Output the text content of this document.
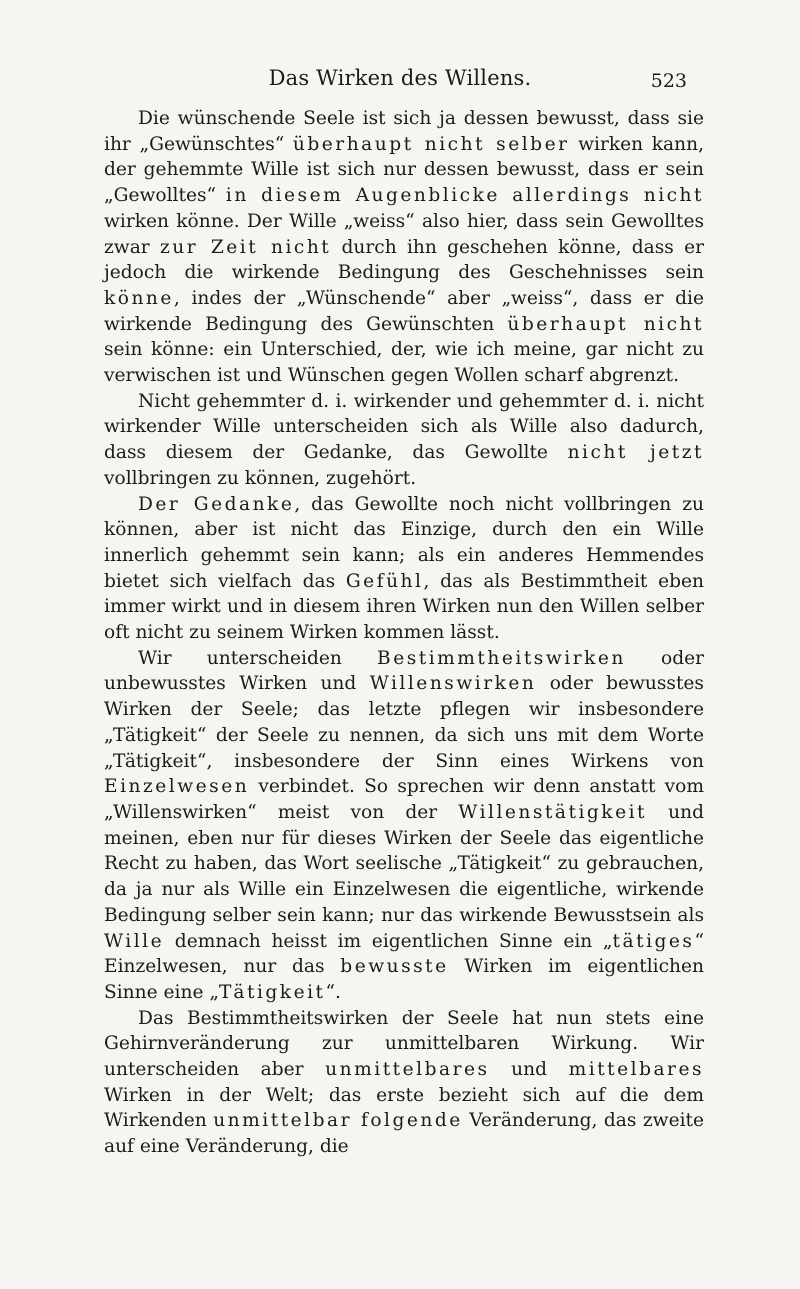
Das Wirken des Willens.	523

Die wünschende Seele ist sich ja dessen bewusst, dass sie ihr „Gewünschtes“ überhaupt nicht selber wirken kann, der gehemmte Wille ist sich nur dessen bewusst, dass er sein „Gewolltes“ in diesem Augenblicke allerdings nicht wirken könne. Der Wille „weiss“ also hier, dass sein Gewolltes zwar zur Zeit nicht durch ihn geschehen könne, dass er jedoch die wirkende Bedingung des Geschehnisses sein könne, indes der „Wünschende“ aber „weiss“, dass er die wirkende Bedingung des Gewünschten überhaupt nicht sein könne: ein Unterschied, der, wie ich meine, gar nicht zu verwischen ist und Wünschen gegen Wollen scharf abgrenzt.

Nicht gehemmter d. i. wirkender und gehemmter d. i. nicht wirkender Wille unterscheiden sich als Wille also dadurch, dass diesem der Gedanke, das Gewollte nicht jetzt vollbringen zu können, zugehört.

Der Gedanke, das Gewollte noch nicht vollbringen zu können, aber ist nicht das Einzige, durch den ein Wille innerlich gehemmt sein kann; als ein anderes Hemmendes bietet sich vielfach das Gefühl, das als Bestimmtheit eben immer wirkt und in diesem ihren Wirken nun den Willen selber oft nicht zu seinem Wirken kommen lässt.

Wir unterscheiden Bestimmtheitswirken oder unbewusstes Wirken und Willenswirken oder bewusstes Wirken der Seele; das letzte pflegen wir insbesondere „Tätigkeit“ der Seele zu nennen, da sich uns mit dem Worte „Tätigkeit“, insbesondere der Sinn eines Wirkens von Einzelwesen verbindet. So sprechen wir denn anstatt vom „Willenswirken“ meist von der Willenstätigkeit und meinen, eben nur für dieses Wirken der Seele das eigentliche Recht zu haben, das Wort seelische „Tätigkeit“ zu gebrauchen, da ja nur als Wille ein Einzelwesen die eigentliche, wirkende Bedingung selber sein kann; nur das wirkende Bewusstsein als Wille demnach heisst im eigentlichen Sinne ein „tätiges“ Einzelwesen, nur das bewusste Wirken im eigentlichen Sinne eine „Tätigkeit“.

Das Bestimmtheitswirken der Seele hat nun stets eine Gehirnveränderung zur unmittelbaren Wirkung. Wir unterscheiden aber unmittelbares und mittelbares Wirken in der Welt; das erste bezieht sich auf die dem Wirkenden unmittelbar folgende Veränderung, das zweite auf eine Veränderung, die
